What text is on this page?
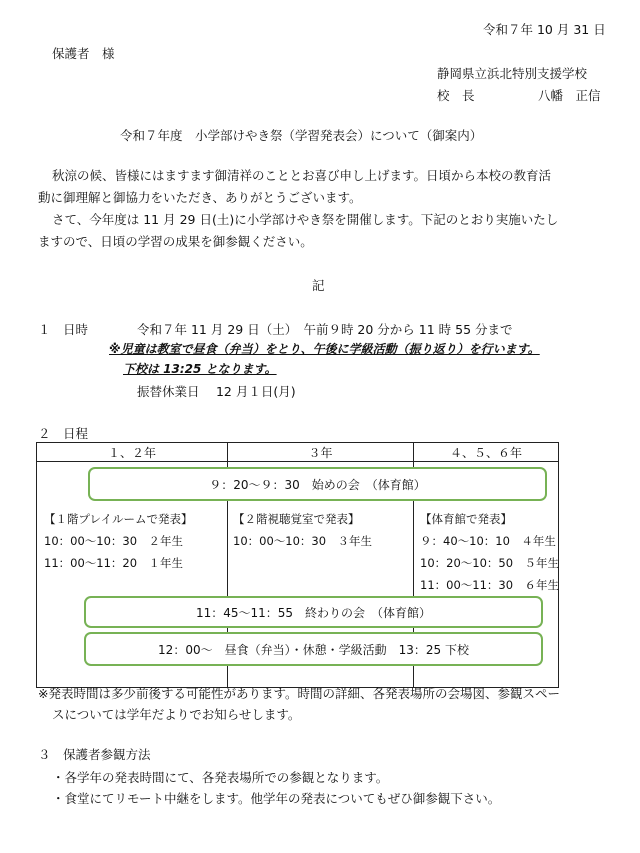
令和７年 10 月 31 日
保護者　様
静岡県立浜北特別支援学校
校　長	八幡　正信
令和７年度　小学部けやき祭（学習発表会）について（御案内）
秋涼の候、皆様にはますます御清祥のこととお喜び申し上げます。日頃から本校の教育活
動に御理解と御協力をいただき、ありがとうございます。
さて、今年度は 11 月 29 日(土)に小学部けやき祭を開催します。下記のとおり実施いたし
ますので、日頃の学習の成果を御参観ください。
記
１　日時	令和７年 11 月 29 日（土）　午前９時 20 分から 11 時 55 分まで
※児童は教室で昼食（弁当）をとり、午後に学級活動（振り返り）を行います。
下校は 13:25 となります。
振替休業日　 12 月１日(月)
２　日程
１、２年	３年	４、５、６年

９：20～９：30　始めの会　（体育館）
【１階プレイルームで発表】
10：00～10：30　２年生
11：00～11：20　１年生
【２階視聴覚室で発表】
10：00～10：30　３年生
【体育館で発表】
９：40～10：10　４年生
10：20～10：50　５年生
11：00～11：30　６年生
11：45～11：55　終わりの会　（体育館）
12：00～　昼食（弁当）・休憩・学級活動　13：25 下校
※発表時間は多少前後する可能性があります。時間の詳細、各発表場所の会場図、参観スペー
スについては学年だよりでお知らせします。
３　保護者参観方法
・各学年の発表時間にて、各発表場所での参観となります。
・食堂にてリモート中継をします。他学年の発表についてもぜひ御参観下さい。
